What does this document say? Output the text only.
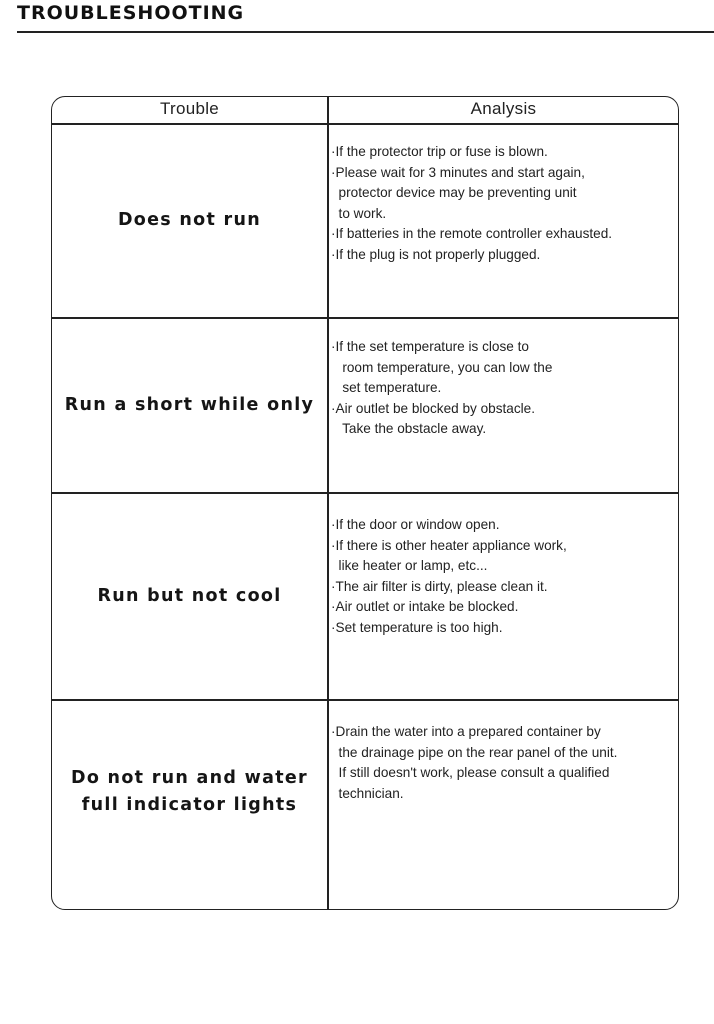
TROUBLESHOOTING
Trouble	Analysis
Does not run
·If the protector trip or fuse is blown.
·Please wait for 3 minutes and start again,
protector device may be preventing unit
to work.
·If batteries in the remote controller exhausted.
·If the plug is not properly plugged.
Run a short while only
·If the set temperature is close to
room temperature, you can low the
set temperature.
·Air outlet be blocked by obstacle.
Take the obstacle away.
Run but not cool
·If the door or window open.
·If there is other heater appliance work,
like heater or lamp, etc...
·The air filter is dirty, please clean it.
·Air outlet or intake be blocked.
·Set temperature is too high.
Do not run and water
full indicator lights
·Drain the water into a prepared container by
the drainage pipe on the rear panel of the unit.
If still doesn't work, please consult a qualified
technician.
